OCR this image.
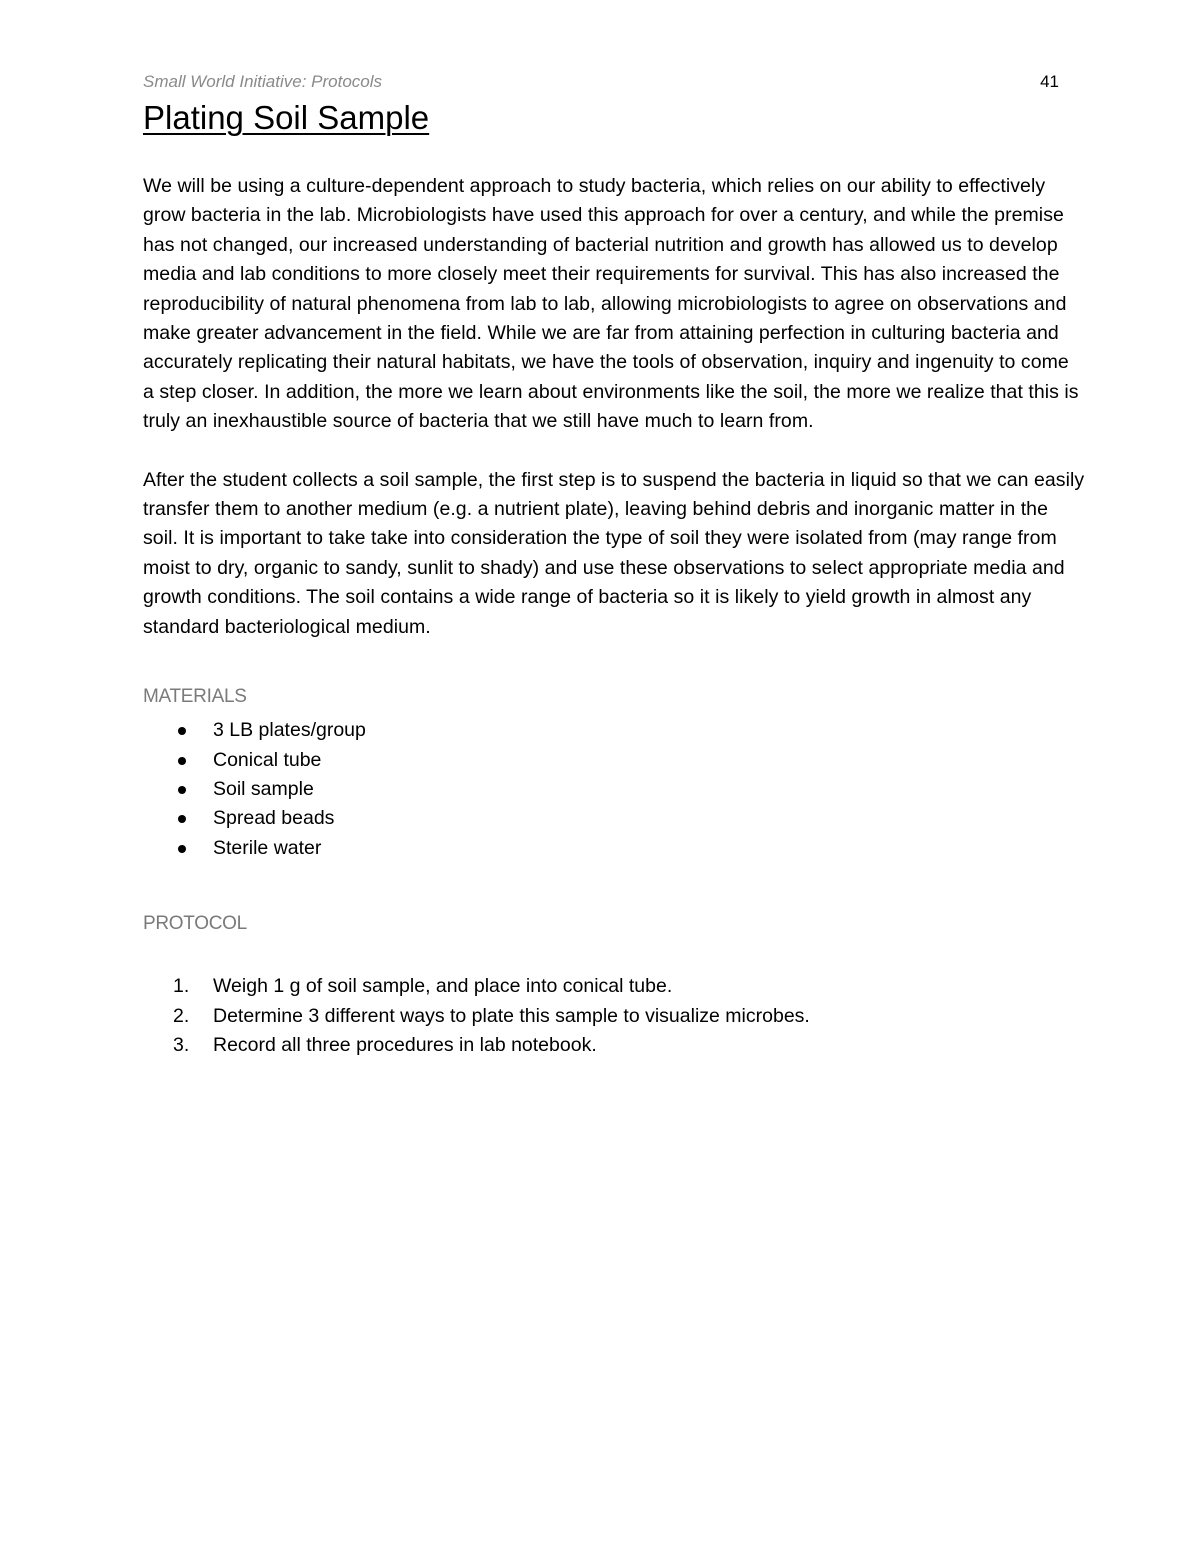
Small World Initiative: Protocols	41
Plating Soil Sample

We will be using a culture-dependent approach to study bacteria, which relies on our ability to effectively grow bacteria in the lab. Microbiologists have used this approach for over a century, and while the premise has not changed, our increased understanding of bacterial nutrition and growth has allowed us to develop media and lab conditions to more closely meet their requirements for survival. This has also increased the reproducibility of natural phenomena from lab to lab, allowing microbiologists to agree on observations and make greater advancement in the field. While we are far from attaining perfection in culturing bacteria and accurately replicating their natural habitats, we have the tools of observation, inquiry and ingenuity to come a step closer. In addition, the more we learn about environments like the soil, the more we realize that this is truly an inexhaustible source of bacteria that we still have much to learn from.

After the student collects a soil sample, the first step is to suspend the bacteria in liquid so that we can easily transfer them to another medium (e.g. a nutrient plate), leaving behind debris and inorganic matter in the soil. It is important to take take into consideration the type of soil they were isolated from (may range from moist to dry, organic to sandy, sunlit to shady) and use these observations to select appropriate media and growth conditions. The soil contains a wide range of bacteria so it is likely to yield growth in almost any standard bacteriological medium.

MATERIALS
3 LB plates/group
Conical tube
Soil sample
Spread beads
Sterile water
PROTOCOL
1. Weigh 1 g of soil sample, and place into conical tube.
2. Determine 3 different ways to plate this sample to visualize microbes.
3. Record all three procedures in lab notebook.
